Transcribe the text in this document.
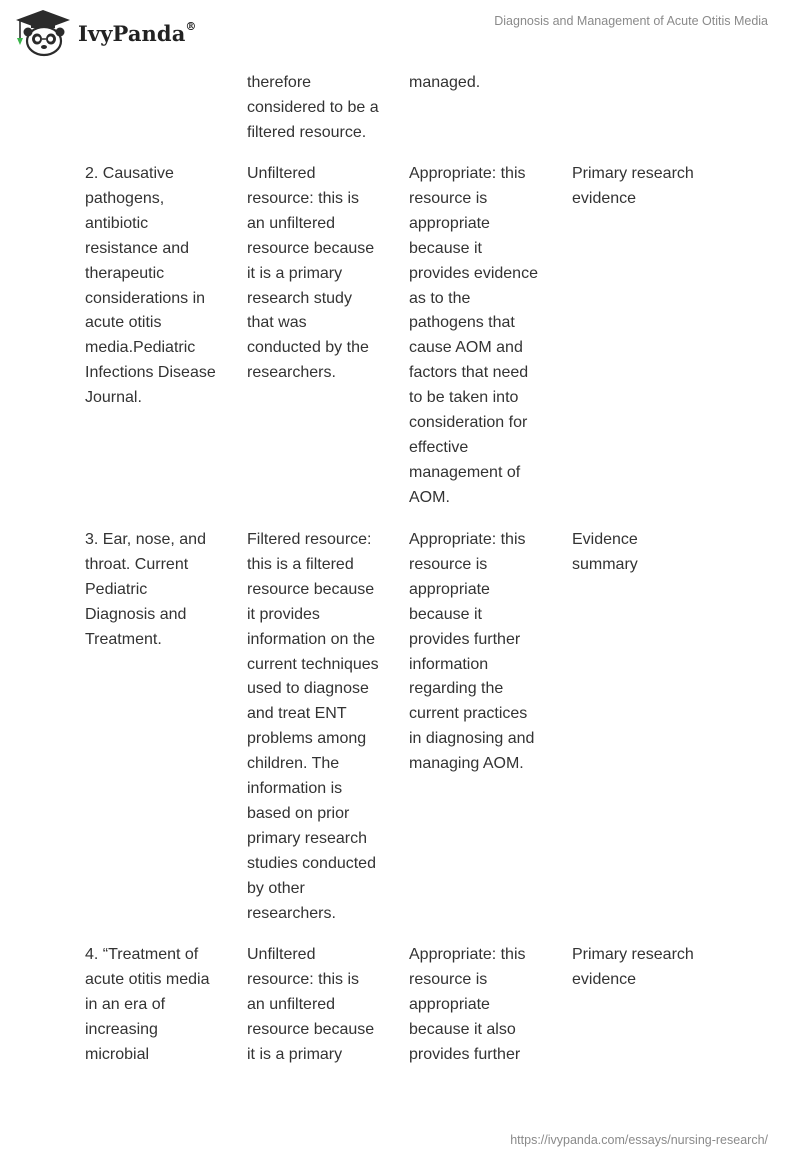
IvyPanda®	Diagnosis and Management of Acute Otitis Media
therefore
considered to be a
filtered resource.
managed.
2. Causative
pathogens,
antibiotic
resistance and
therapeutic
considerations in
acute otitis
media.Pediatric
Infections Disease
Journal.
Unfiltered
resource: this is
an unfiltered
resource because
it is a primary
research study
that was
conducted by the
researchers.
Appropriate: this
resource is
appropriate
because it
provides evidence
as to the
pathogens that
cause AOM and
factors that need
to be taken into
consideration for
effective
management of
AOM.
Primary research
evidence
3. Ear, nose, and
throat. Current
Pediatric
Diagnosis and
Treatment.
Filtered resource:
this is a filtered
resource because
it provides
information on the
current techniques
used to diagnose
and treat ENT
problems among
children. The
information is
based on prior
primary research
studies conducted
by other
researchers.
Appropriate: this
resource is
appropriate
because it
provides further
information
regarding the
current practices
in diagnosing and
managing AOM.
Evidence
summary
4. “Treatment of
acute otitis media
in an era of
increasing
microbial
Unfiltered
resource: this is
an unfiltered
resource because
it is a primary
Appropriate: this
resource is
appropriate
because it also
provides further
Primary research
evidence
https://ivypanda.com/essays/nursing-research/
